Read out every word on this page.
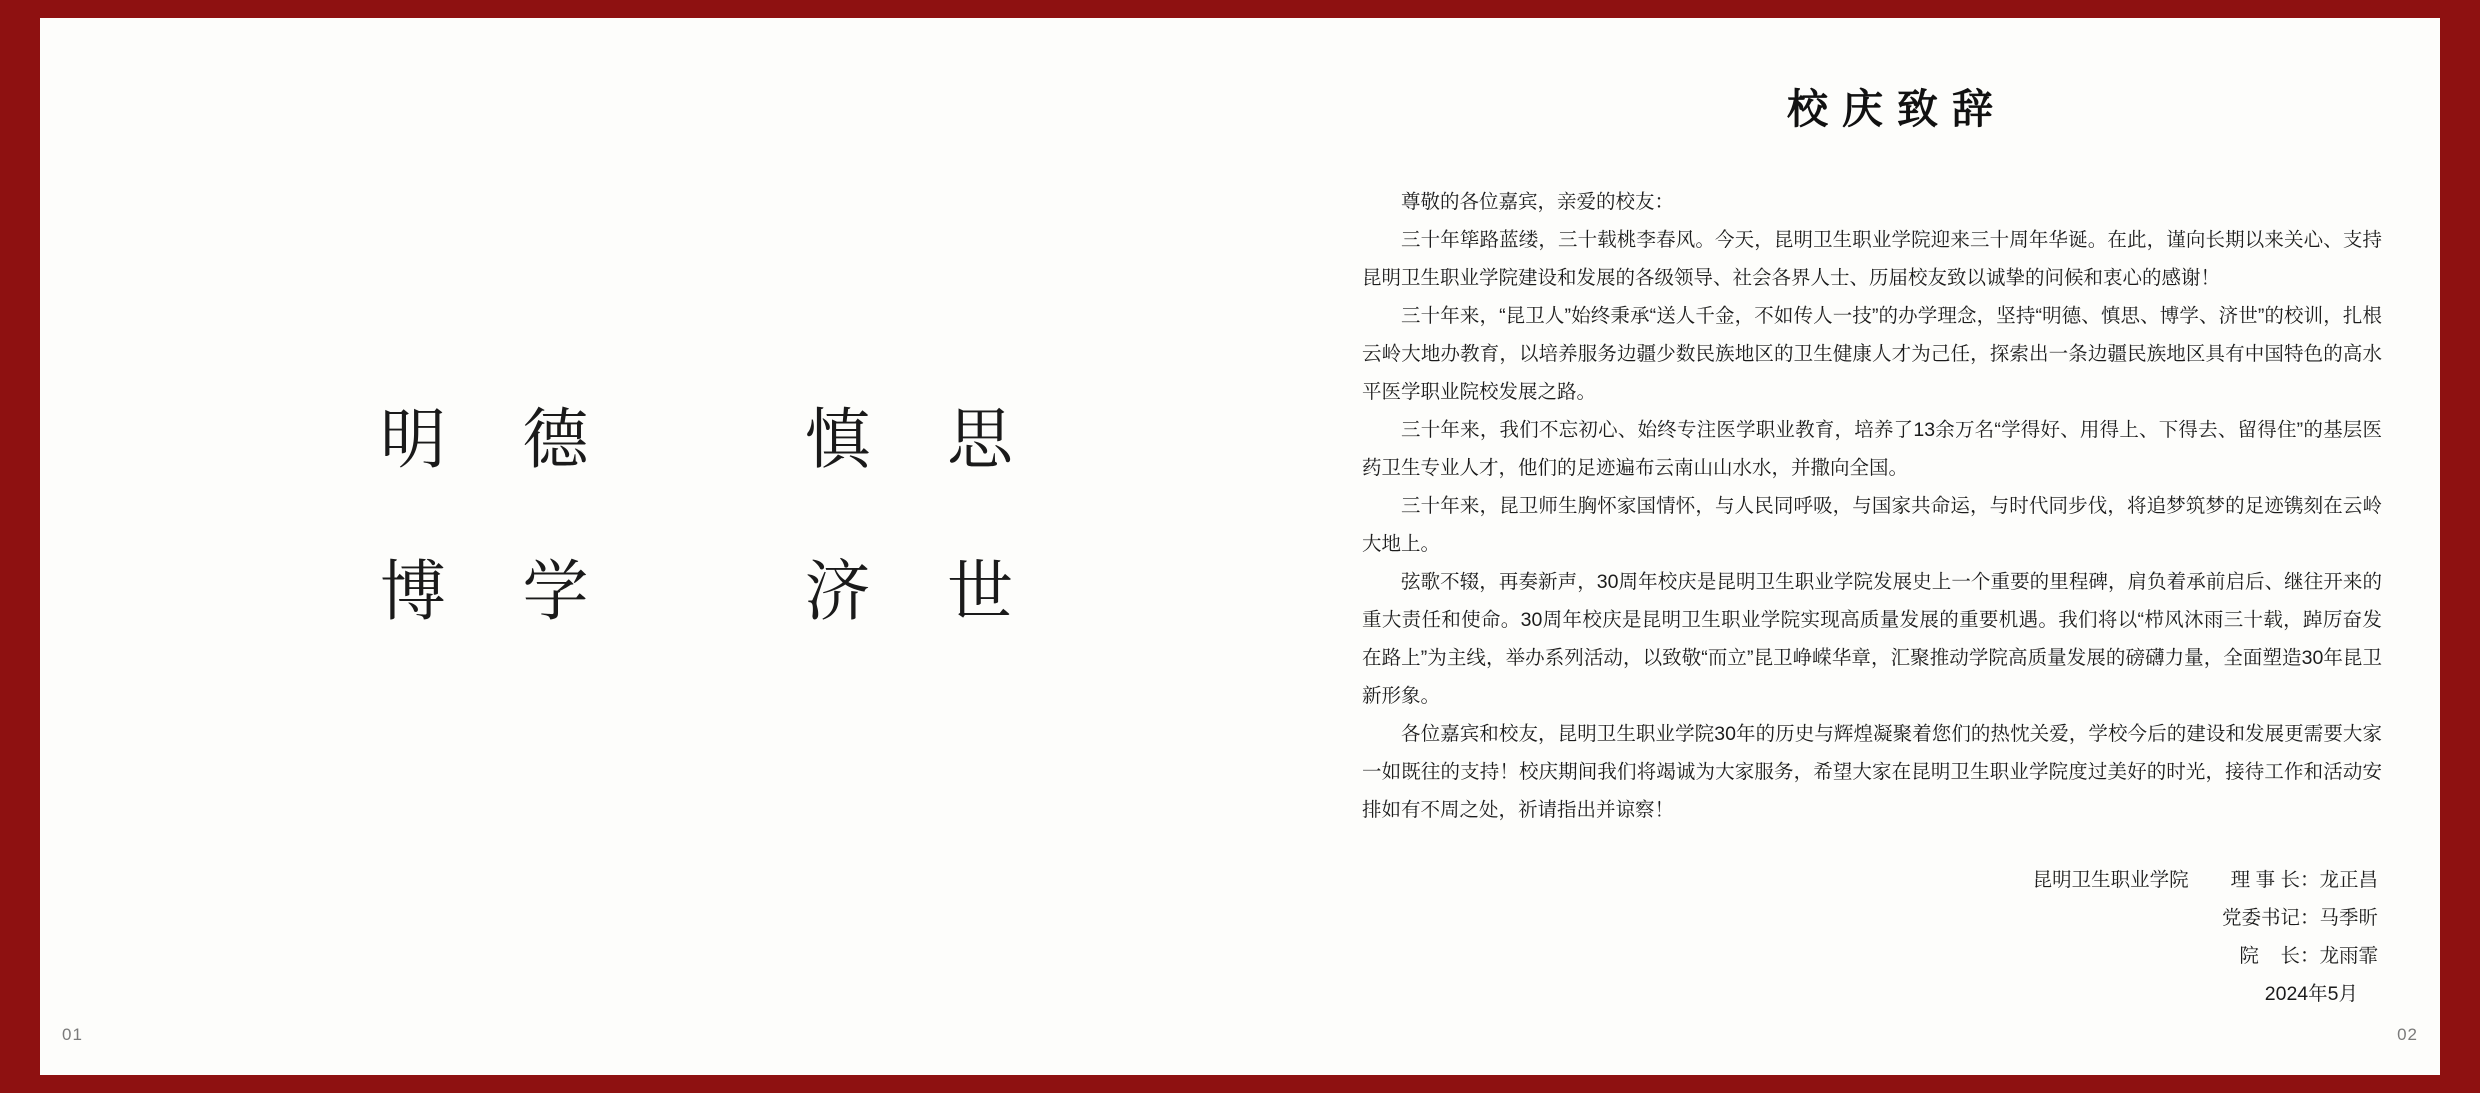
明 德    慎 思
博 学    济 世
01
校庆致辞

尊敬的各位嘉宾，亲爱的校友：

三十年筚路蓝缕，三十载桃李春风。今天，昆明卫生职业学院迎来三十周年华诞。在此，谨向长期以来关心、支持昆明卫生职业学院建设和发展的各级领导、社会各界人士、历届校友致以诚挚的问候和衷心的感谢！

三十年来，“昆卫人”始终秉承“送人千金，不如传人一技”的办学理念，坚持“明德、慎思、博学、济世”的校训，扎根云岭大地办教育，以培养服务边疆少数民族地区的卫生健康人才为己任，探索出一条边疆民族地区具有中国特色的高水平医学职业院校发展之路。

三十年来，我们不忘初心、始终专注医学职业教育，培养了13余万名“学得好、用得上、下得去、留得住”的基层医药卫生专业人才，他们的足迹遍布云南山山水水，并撒向全国。

三十年来，昆卫师生胸怀家国情怀，与人民同呼吸，与国家共命运，与时代同步伐，将追梦筑梦的足迹镌刻在云岭大地上。

弦歌不辍，再奏新声，30周年校庆是昆明卫生职业学院发展史上一个重要的里程碑，肩负着承前启后、继往开来的重大责任和使命。30周年校庆是昆明卫生职业学院实现高质量发展的重要机遇。我们将以“栉风沐雨三十载，踔厉奋发在路上”为主线，举办系列活动，以致敬“而立”昆卫峥嵘华章，汇聚推动学院高质量发展的磅礴力量，全面塑造30年昆卫新形象。

各位嘉宾和校友，昆明卫生职业学院30年的历史与辉煌凝聚着您们的热忱关爱，学校今后的建设和发展更需要大家一如既往的支持！校庆期间我们将竭诚为大家服务，希望大家在昆明卫生职业学院度过美好的时光，接待工作和活动安排如有不周之处，祈请指出并谅察！

昆明卫生职业学院 理 事 长：龙正昌
党委书记：马季昕
院    长：龙雨霏
2024年5月
02
